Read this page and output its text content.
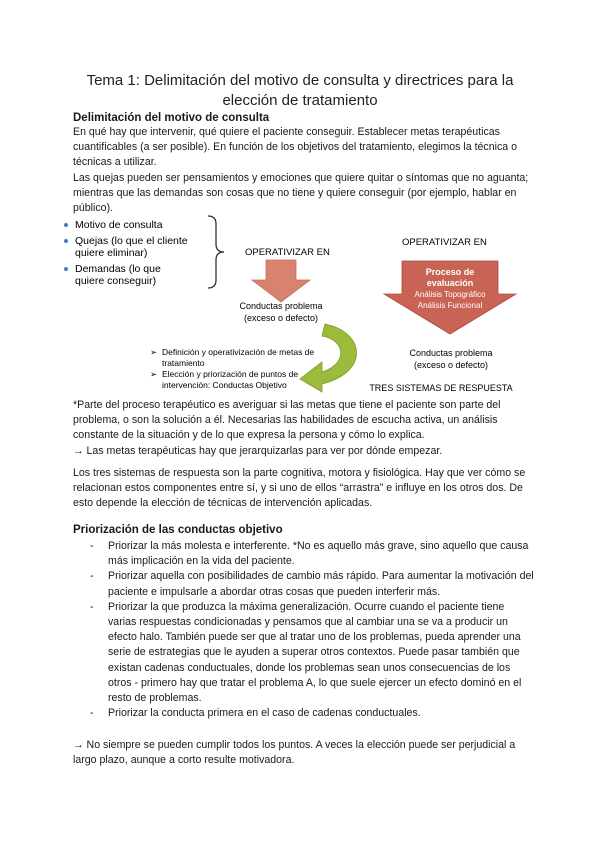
Tema 1: Delimitación del motivo de consulta y directrices para la elección de tratamiento
Delimitación del motivo de consulta

En qué hay que intervenir, qué quiere el paciente conseguir. Establecer metas terapéuticas cuantificables (a ser posible). En función de los objetivos del tratamiento, elegimos la técnica o técnicas a utilizar.

Las quejas pueden ser pensamientos y emociones que quiere quitar o síntomas que no aguanta; mientras que las demandas son cosas que no tiene y quiere conseguir (por ejemplo, hablar en público).

Motivo de consulta
Quejas (lo que el cliente
quiere eliminar)
Demandas (lo que
quiere conseguir)
OPERATIVIZAR EN
Conductas problema
(exceso o defecto)
OPERATIVIZAR EN
Proceso de
evaluación
Análisis Topográfico
Análisis Funcional
Conductas problema
(exceso o defecto)
TRES SISTEMAS DE RESPUESTA
➢ Definición y operativización de metas de
tratamiento
➢ Elección y priorización de puntos de
intervención: Conductas Objetivo

*Parte del proceso terapéutico es averiguar si las metas que tiene el paciente son parte del problema, o son la solución a él. Necesarias las habilidades de escucha activa, un análisis constante de la situación y de lo que expresa la persona y cómo lo explica.

→ Las metas terapéuticas hay que jerarquizarlas para ver por dónde empezar.

Los tres sistemas de respuesta son la parte cognitiva, motora y fisiológica. Hay que ver cómo se relacionan estos componentes entre sí, y si uno de ellos “arrastra” e influye en los otros dos. De esto depende la elección de técnicas de intervención aplicadas.

Priorización de las conductas objetivo
- Priorizar la más molesta e interferente. *No es aquello más grave, sino aquello que causa más implicación en la vida del paciente.
- Priorizar aquella con posibilidades de cambio más rápido. Para aumentar la motivación del paciente e impulsarle a abordar otras cosas que pueden interferir más.
- Priorizar la que produzca la máxima generalización. Ocurre cuando el paciente tiene varias respuestas condicionadas y pensamos que al cambiar una se va a producir un efecto halo. También puede ser que al tratar uno de los problemas, pueda aprender una serie de estrategias que le ayuden a superar otros contextos. Puede pasar también que existan cadenas conductuales, donde los problemas sean unos consecuencias de los otros - primero hay que tratar el problema A, lo que suele ejercer un efecto dominó en el resto de problemas.
- Priorizar la conducta primera en el caso de cadenas conductuales.

→ No siempre se pueden cumplir todos los puntos. A veces la elección puede ser perjudicial a largo plazo, aunque a corto resulte motivadora.
